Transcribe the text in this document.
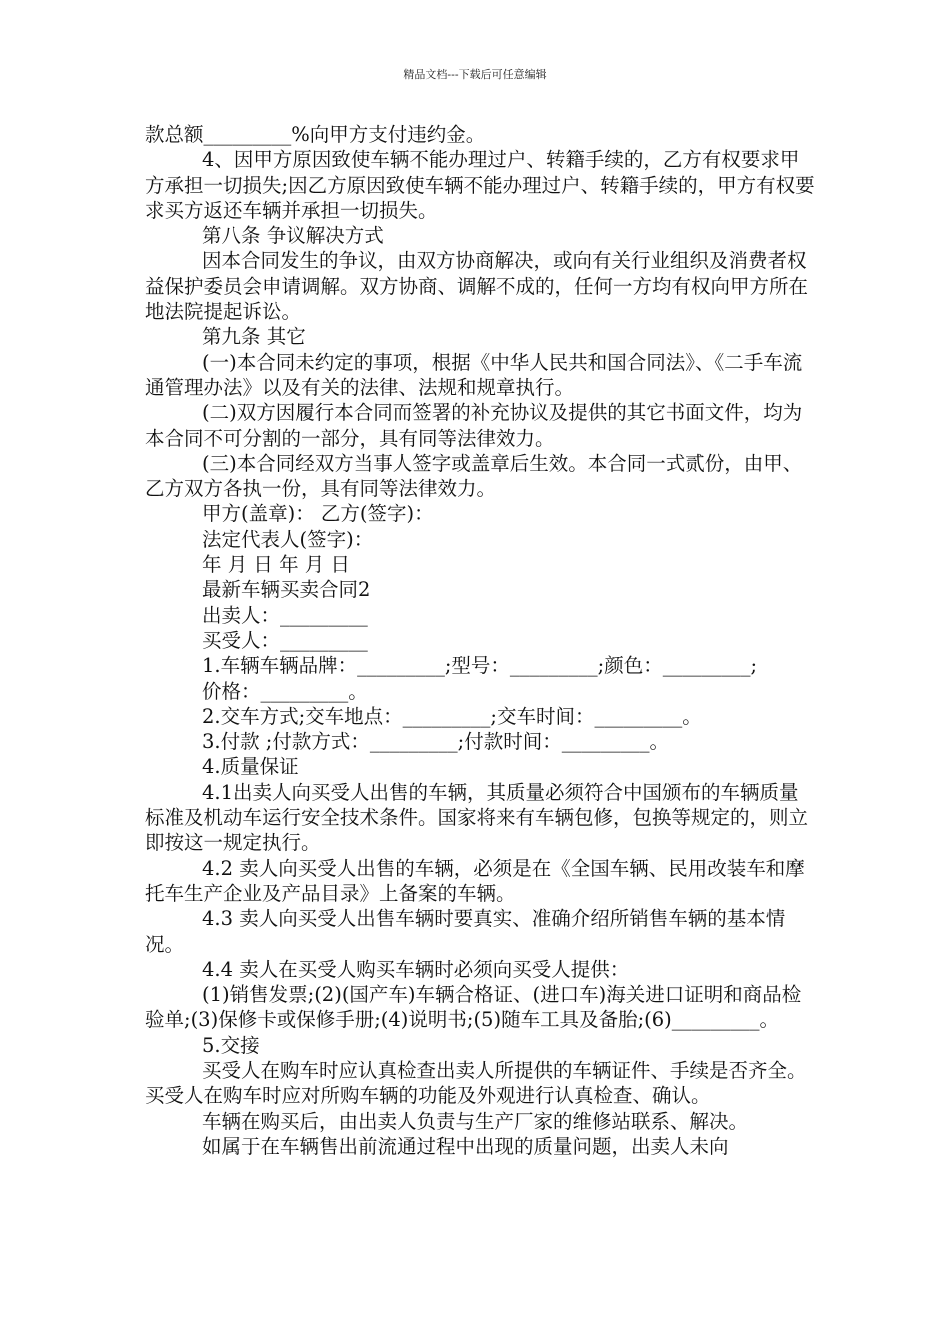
精品文档---下载后可任意编辑

款总额_________%向甲方支付违约金。

4、因甲方原因致使车辆不能办理过户、转籍手续的，乙方有权要求甲方承担一切损失;因乙方原因致使车辆不能办理过户、转籍手续的，甲方有权要求买方返还车辆并承担一切损失。

第八条 争议解决方式

因本合同发生的争议，由双方协商解决，或向有关行业组织及消费者权益保护委员会申请调解。双方协商、调解不成的，任何一方均有权向甲方所在地法院提起诉讼。

第九条 其它

(一)本合同未约定的事项，根据《中华人民共和国合同法》、《二手车流通管理办法》以及有关的法律、法规和规章执行。

(二)双方因履行本合同而签署的补充协议及提供的其它书面文件，均为本合同不可分割的一部分，具有同等法律效力。

(三)本合同经双方当事人签字或盖章后生效。本合同一式贰份，由甲、乙方双方各执一份，具有同等法律效力。

甲方(盖章)： 乙方(签字)：

法定代表人(签字)：

年 月 日 年 月 日

最新车辆买卖合同2

出卖人：_________

买受人：_________

1.车辆车辆品牌：_________;型号：_________;颜色：_________;

价格：_________。

2.交车方式;交车地点：_________;交车时间：_________。

3.付款 ;付款方式：_________;付款时间：_________。

4.质量保证

4.1出卖人向买受人出售的车辆，其质量必须符合中国颁布的车辆质量标准及机动车运行安全技术条件。国家将来有车辆包修，包换等规定的，则立即按这一规定执行。

4.2 卖人向买受人出售的车辆，必须是在《全国车辆、民用改装车和摩托车生产企业及产品目录》上备案的车辆。

4.3 卖人向买受人出售车辆时要真实、准确介绍所销售车辆的基本情况。

4.4 卖人在买受人购买车辆时必须向买受人提供：

(1)销售发票;(2)(国产车)车辆合格证、(进口车)海关进口证明和商品检验单;(3)保修卡或保修手册;(4)说明书;(5)随车工具及备胎;(6)_________。

5.交接

买受人在购车时应认真检查出卖人所提供的车辆证件、手续是否齐全。 买受人在购车时应对所购车辆的功能及外观进行认真检查、确认。

车辆在购买后，由出卖人负责与生产厂家的维修站联系、解决。

如属于在车辆售出前流通过程中出现的质量问题，出卖人未向
